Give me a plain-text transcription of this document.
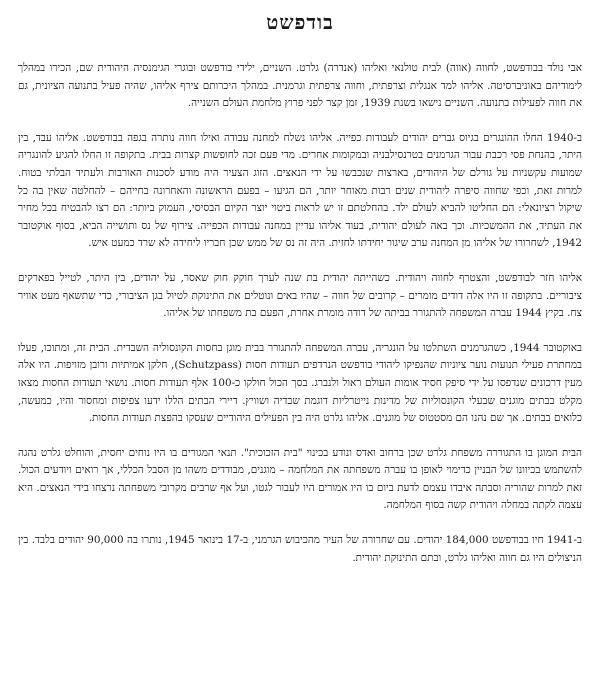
בודפשט

אבי נולד בבודפשט, לחווה (אווה) לבית טולנאי ואליהו (אנדרה) גלרט. השניים, ילידי בודפשט ובוגרי הגימנסיה היהודית שם, הכירו במהלך לימודיהם באוניברסיטה. אליהו למד אנגלית וצרפתית, וחווה צרפתית וגרמנית. במהלך היכרותם צירף אליהו, שהיה פעיל בתנועה הציונית, גם את חווה לפעילות בתנועה. השניים נישאו בשנת 1939, זמן קצר לפני פרוץ מלחמת העולם השנייה.

ב-1940 החלו ההונגרים בגיוס גברים יהודים לעבודות כפייה. אליהו נשלח למחנה עבודה ואילו חווה נותרה בגפה בבודפשט. אליהו עבד, בין היתר, בהנחת פסי רכבת עבור הגרמנים בטרנסילבניה ובמקומות אחרים. מדי פעם זכה לחופשות קצרות בבית. בתקופה זו החלו להגיע להונגריה שמועות עקשניות על גורלם של היהודים, בארצות שנכבשו על ידי הנאצים. הזוג הצעיר היה מודע לסכנות האורבות ולעתיד הבלתי בטוח. למרות זאת, וכפי שחווה סיפרה ליהודית שנים רבות מאוחר יותר, הם הגיעו – בפעם הראשונה והאחרונה בחייהם – להחלטה שאין בה כל שיקול רציונאלי: הם החליטו להביא לעולם ילד. בהחלטתם זו יש לראות ביטוי יוצר הקיום הבסיסי, העמוק ביותר: הם רצו להבטיח בכל מחיר את העתיד, את ההמשכיות. וכך באה לעולם יהודית, בעוד אליהו עדיין במחנה עבודות הכפייה. צירוף של נס ותושייה הביא, בסוף אוקטובר 1942, לשחרורו של אליהו מן המחנה ערב שיגור יחידתו לחזית. היה זה נס של ממש שכן חבריו ליחידה לא שרד כמעט איש.

אליהו חזר לבודפשט, והצטרף לחווה ויהודית. כשהייתה יהודית בת שנה לערך חוקק חוק שאסר, על יהודים, בין היתר, לטייל בפארקים ציבוריים. בתקופה זו היו אלה דודים מומרים – קרובים של חווה – שהיו באים ונוטלים את התינוקת לטיול בגן הציבורי, כדי שתשאף מעט אוויר צח. בקיץ 1944 עברה המשפחה להתגורר בביתה של דודה מומרת אחרת, הפעם בת משפחתו של אליהו.

באוקטובר 1944, כשהגרמנים השתלטו על הונגריה, עברה המשפחה להתגורר בבית מוגן בחסות הקונסוליה השבדית. הבית זה, ומתוכו, פעלו במחתרת פעילי תנועות נוער ציוניות שהנפיקו ליהודי בודפשט הנרדפים תעודות חסות (Schutzpass), חלקן אמיתיות ורובן מזויפות. היו אלה מעין דרכונים שנדפסו על ידי סיפק חסיד אומות העולם ראול ולנברג. בסך הכול חולקו כ-100 אלף תעודות חסות. נושאי תעודות החסות מצאו מקלט בבתים מוגנים שבעלי הקונסוליות של מדינות נייטרליות דוגמת שבדיה ושוויץ. דיירי הבתים הללו ידעו צפיפות ומחסור והיו, כמעשה, כלואים בבתים. אך שם נהנו הם מסטטוס של מוגנים. אליהו גלרט היה בין הפעילים היהודיים שעסקו בהפצת תעודות החסות.

הבית המוגן בו התגוררה משפחת גלרט שכן ברחוב ואדס ונודע בכינוי "בית הזכוכית". תנאי המגורים בו היו נוחים יחסית, והוחלט גלרט נהגה להשתמש בכיוונו של הבניין כדימוי לאופן בו עברה משפחתה את המלחמה – מוגנים, מבודדים משהו מן הסבל הכללי, אך רואים ויודעים הכול. זאת למרות שהוריה וסבתה איבדו עצמם לדעת ביום בו היו אמורים היו לעבור לגטו, ועל אף שרבים מקרובי משפחתה נרצחו בידי הנאצים. היא עצמה לקתה במחלה ויהודית קשה בסוף המלחמה.

ב-1941 חיו בבודפשט 184,000 יהודים. עם שחרורה של העיר מהכיבוש הגרמני, ב-17 בינואר 1945, נותרו בה 90,000 יהודים בלבד. בין הניצולים היו גם חווה ואליהו גלרט, ובתם התינוקת יהודית.
